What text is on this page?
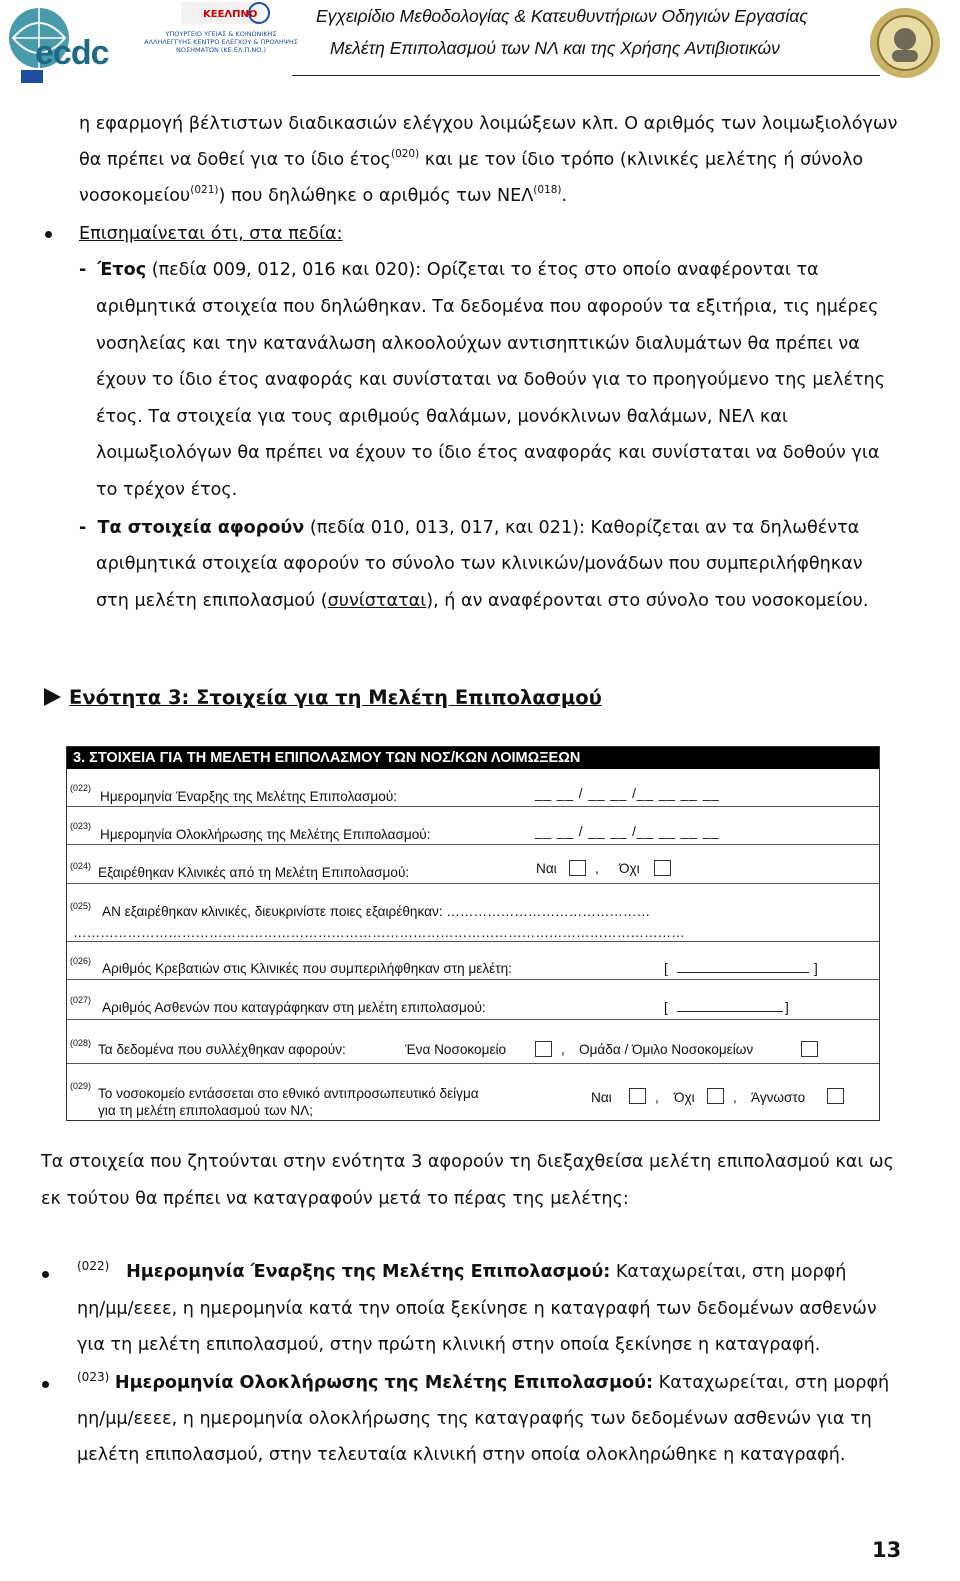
ecdc
ΚΕΕΛΠΝΟ
ΥΠΟΥΡΓΕΙΟ ΥΓΕΙΑΣ & ΚΟΙΝΩΝΙΚΗΣ ΑΛΛΗΛΕΓΓΥΗΣ ΚΕΝΤΡΟ ΕΛΕΓΧΟΥ & ΠΡΟΛΗΨΗΣ ΝΟΣΗΜΑΤΩΝ (ΚΕ.ΕΛ.Π.ΝΟ.)
Εγχειρίδιο Μεθοδολογίας & Κατευθυντήριων Οδηγιών Εργασίας
Μελέτη Επιπολασμού των ΝΛ και της Χρήσης Αντιβιοτικών
η εφαρμογή βέλτιστων διαδικασιών ελέγχου λοιμώξεων κλπ. Ο αριθμός των λοιμωξιολόγων
θα πρέπει να δοθεί για το ίδιο έτος$^{(020)}$ και με τον ίδιο τρόπο (κλινικές μελέτης ή σύνολο
νοσοκομείου$^{(021)}$) που δηλώθηκε ο αριθμός των ΝΕΛ$^{(018)}$.
Επισημαίνεται ότι, στα πεδία:
- Έτος (πεδία 009, 012, 016 και 020): Ορίζεται το έτος στο οποίο αναφέρονται τα
αριθμητικά στοιχεία που δηλώθηκαν. Τα δεδομένα που αφορούν τα εξιτήρια, τις ημέρες
νοσηλείας και την κατανάλωση αλκοολούχων αντισηπτικών διαλυμάτων θα πρέπει να
έχουν το ίδιο έτος αναφοράς και συνίσταται να δοθούν για το προηγούμενο της μελέτης
έτος. Τα στοιχεία για τους αριθμούς θαλάμων, μονόκλινων θαλάμων, ΝΕΛ και
λοιμωξιολόγων θα πρέπει να έχουν το ίδιο έτος αναφοράς και συνίσταται να δοθούν για
το τρέχον έτος.
- Τα στοιχεία αφορούν (πεδία 010, 013, 017, και 021): Καθορίζεται αν τα δηλωθέντα
αριθμητικά στοιχεία αφορούν το σύνολο των κλινικών/μονάδων που συμπεριλήφθηκαν
στη μελέτη επιπολασμού (συνίσταται), ή αν αναφέρονται στο σύνολο του νοσοκομείου.
Ενότητα 3: Στοιχεία για τη Μελέτη Επιπολασμού
3. ΣΤΟΙΧΕΙΑ ΓΙΑ ΤΗ ΜΕΛΕΤΗ ΕΠΙΠΟΛΑΣΜΟΥ ΤΩΝ ΝΟΣ/ΚΩΝ ΛΟΙΜΩΞΕΩΝ
(022)
Ημερομηνία Έναρξης της Μελέτης Επιπολασμού:	__ __ / __ __ /__ __ __ __
(023)
Ημερομηνία Ολοκλήρωσης της Μελέτης Επιπολασμού:	__ __ / __ __ /__ __ __ __
(024) Εξαιρέθηκαν Κλινικές από τη Μελέτη Επιπολασμού:	Ναι	, Όχι
(025) ΑΝ εξαιρέθηκαν κλινικές, διευκρινίστε ποιες εξαιρέθηκαν: ………………………………………
………………………………………………………………………………………………………………………
(026) Αριθμός Κρεβατιών στις Κλινικές που συμπεριλήφθηκαν στη μελέτη:	[	]
(027) Αριθμός Ασθενών που καταγράφηκαν στη μελέτη επιπολασμού:	[	]
(028) Τα δεδομένα που συλλέχθηκαν αφορούν:	Ένα Νοσοκομείο	, Ομάδα / Όμιλο Νοσοκομείων
(029) Το νοσοκομείο εντάσσεται στο εθνικό αντιπροσωπευτικό δείγμα
για τη μελέτη επιπολασμού των ΝΛ;
Ναι	, Όχι	, Άγνωστο
Τα στοιχεία που ζητούνται στην ενότητα 3 αφορούν τη διεξαχθείσα μελέτη επιπολασμού και ως
εκ τούτου θα πρέπει να καταγραφούν μετά το πέρας της μελέτης:
$^{(022)}$ Ημερομηνία Έναρξης της Μελέτης Επιπολασμού: Καταχωρείται, στη μορφή
ηη/μμ/εεεε, η ημερομηνία κατά την οποία ξεκίνησε η καταγραφή των δεδομένων ασθενών
για τη μελέτη επιπολασμού, στην πρώτη κλινική στην οποία ξεκίνησε η καταγραφή.
$^{(023)}$ Ημερομηνία Ολοκλήρωσης της Μελέτης Επιπολασμού: Καταχωρείται, στη μορφή
ηη/μμ/εεεε, η ημερομηνία ολοκλήρωσης της καταγραφής των δεδομένων ασθενών για τη
μελέτη επιπολασμού, στην τελευταία κλινική στην οποία ολοκληρώθηκε η καταγραφή.
13
